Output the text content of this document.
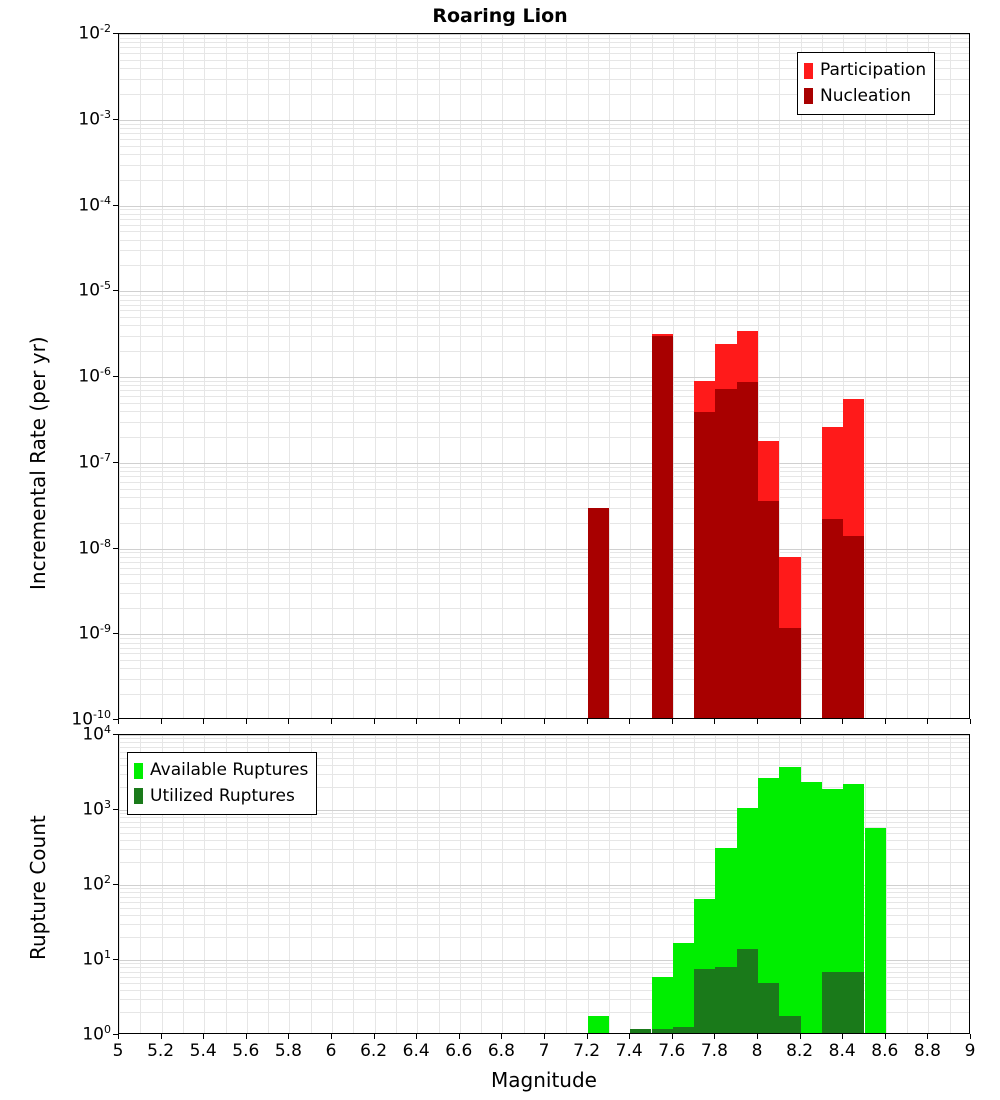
Roaring Lion
$10^{-10}$
$10^{-9}$
$10^{-8}$
$10^{-7}$
$10^{-6}$
$10^{-5}$
$10^{-4}$
$10^{-3}$
$10^{-2}$
Incremental Rate (per yr)
Participation
Nucleation
$10^0$
$10^1$
$10^2$
$10^3$
$10^4$
5	5.2 5.4 5.6 5.8	6	6.2 6.4 6.6 6.8	7	7.2 7.4 7.6 7.8	8	8.2 8.4 8.6 8.8	9
Rupture Count
Magnitude
Available Ruptures
Utilized Ruptures
